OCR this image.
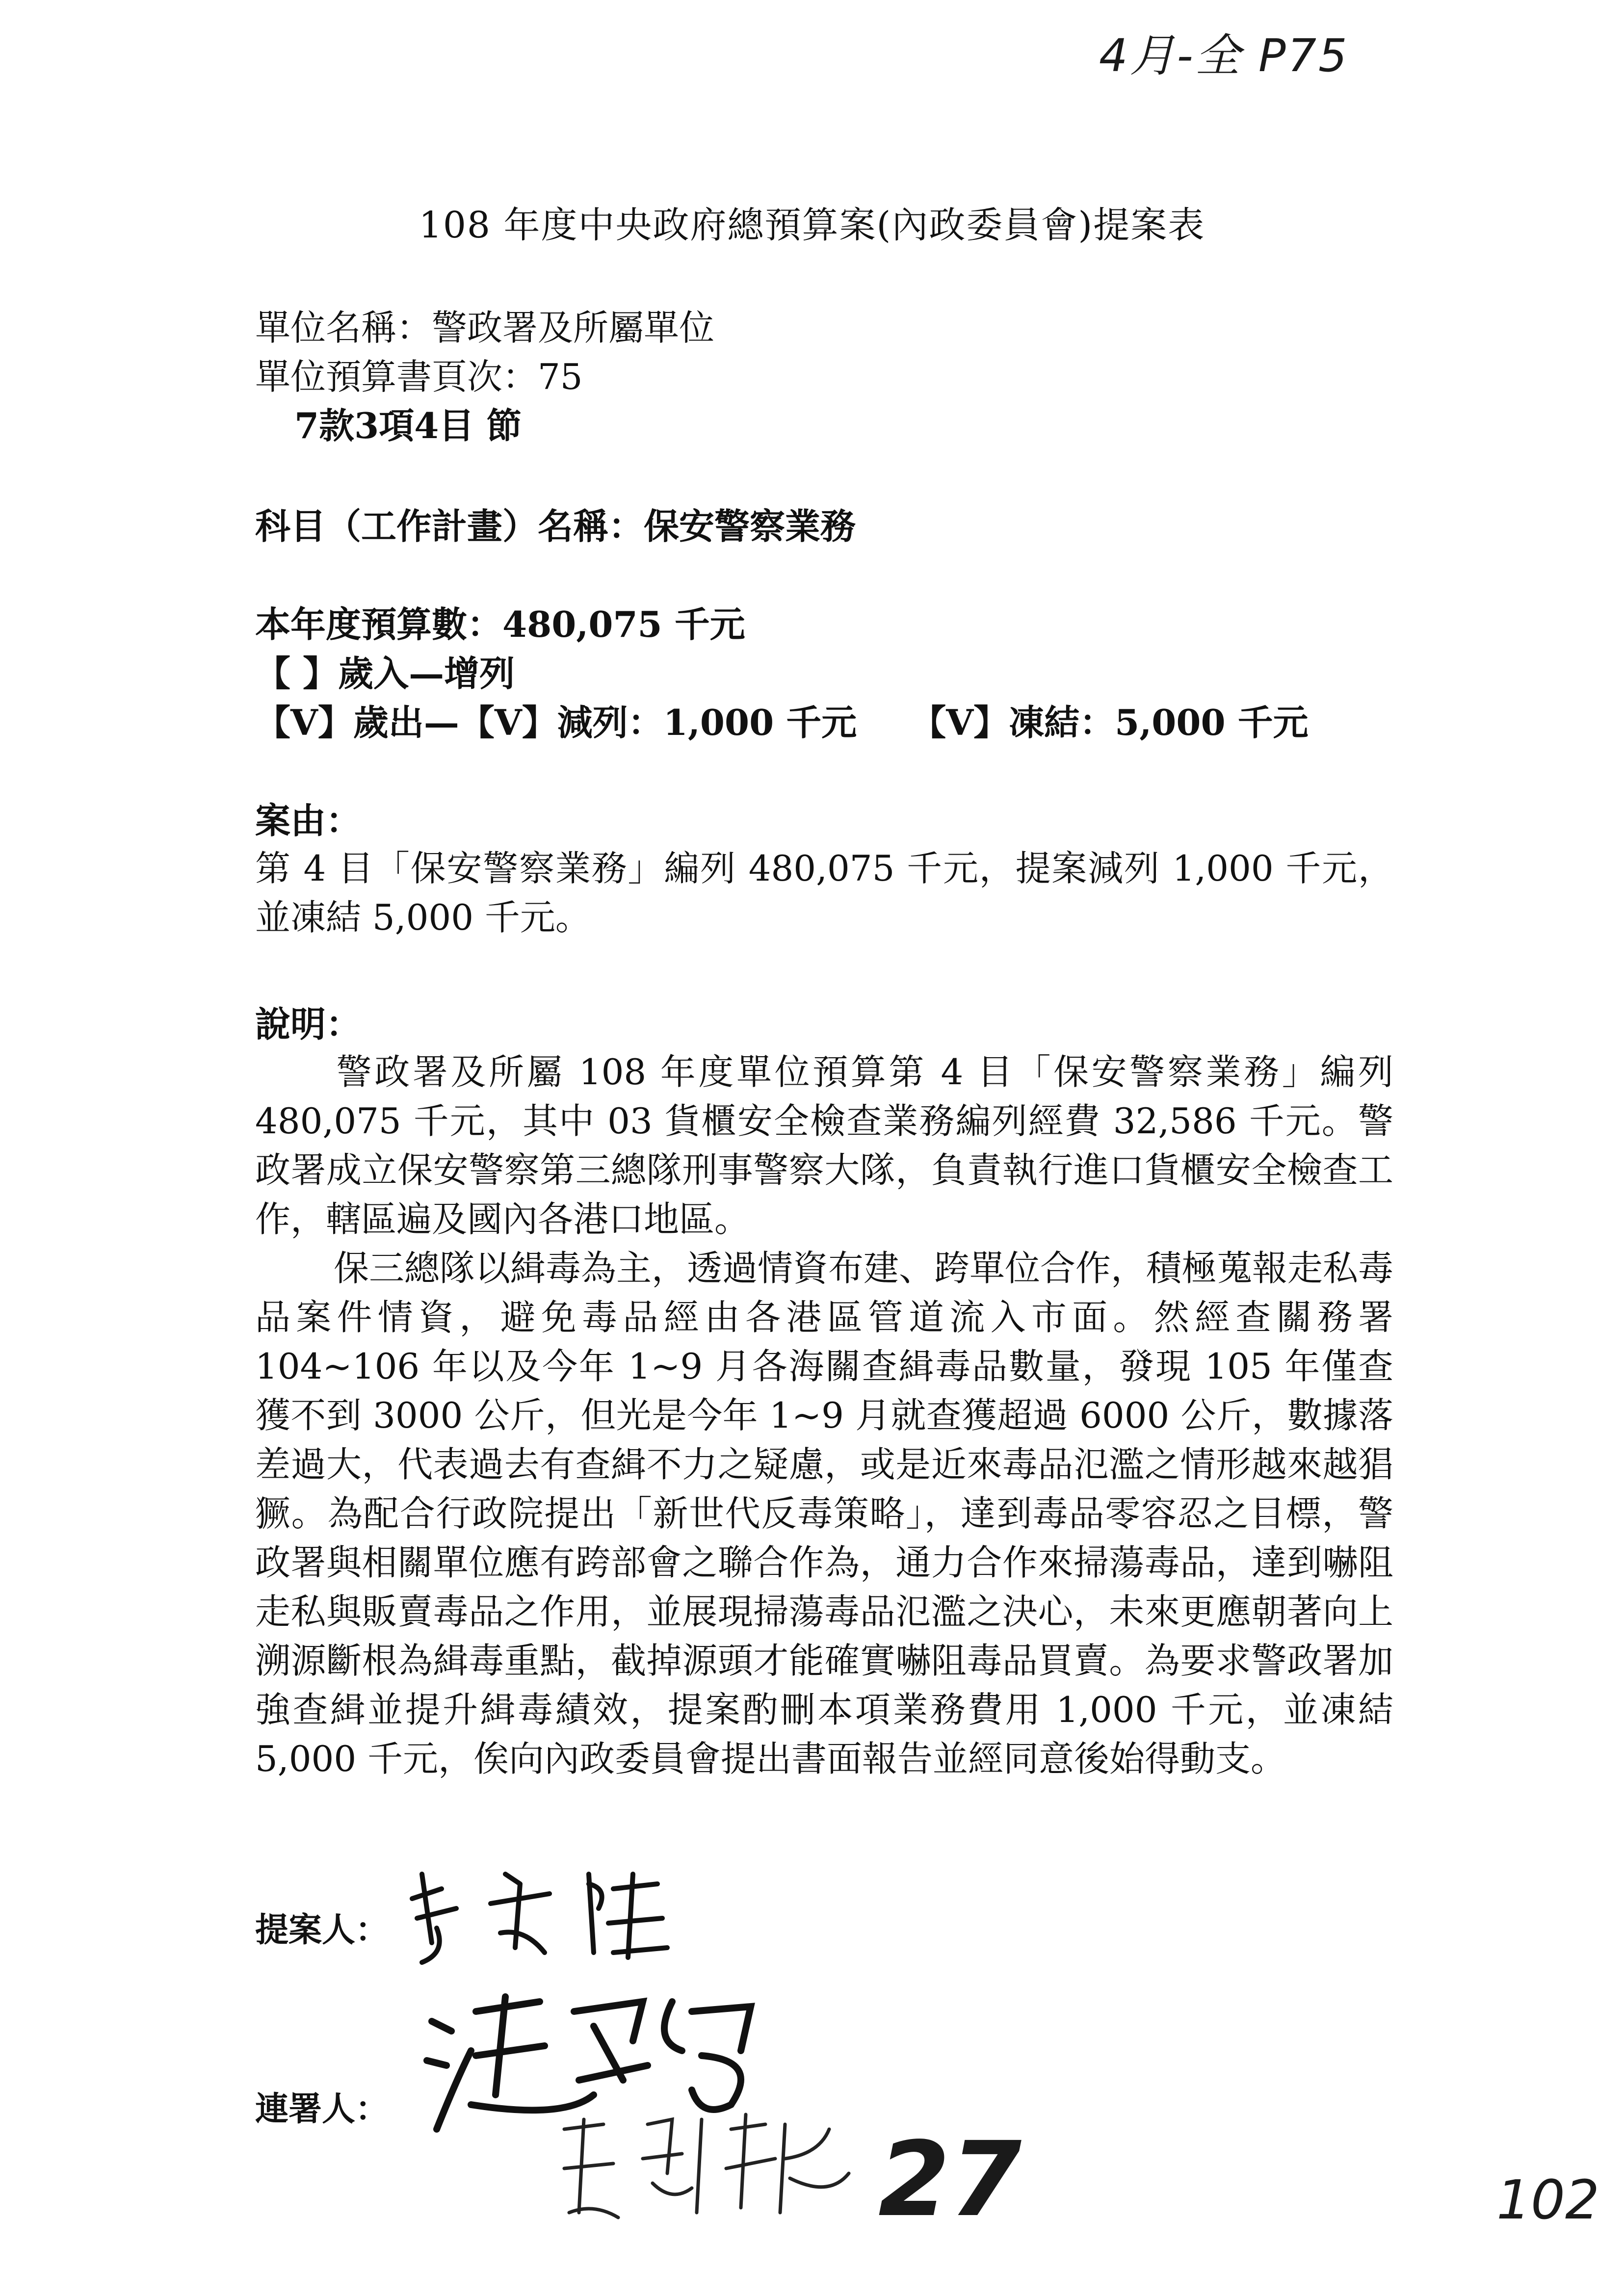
4月-全 P75
108 年度中央政府總預算案(內政委員會)提案表
單位名稱：警政署及所屬單位
單位預算書頁次：75
7款3項4目 節
科目（工作計畫）名稱：保安警察業務
本年度預算數：480,075 千元
【 】歲入—增列
【V】歲出—【V】減列：1,000 千元 【V】凍結：5,000 千元
案由：
第 4 目「保安警察業務」編列 480,075 千元，提案減列 1,000 千元，並凍結 5,000 千元。
說明：
警政署及所屬 108 年度單位預算第 4 目「保安警察業務」編列 480,075 千元，其中 03 貨櫃安全檢查業務編列經費 32,586 千元。警政署成立保安警察第三總隊刑事警察大隊，負責執行進口貨櫃安全檢查工作，轄區遍及國內各港口地區。
保三總隊以緝毒為主，透過情資布建、跨單位合作，積極蒐報走私毒品案件情資，避免毒品經由各港區管道流入市面。然經查關務署 104~106 年以及今年 1~9 月各海關查緝毒品數量，發現 105 年僅查獲不到 3000 公斤，但光是今年 1~9 月就查獲超過 6000 公斤，數據落差過大，代表過去有查緝不力之疑慮，或是近來毒品氾濫之情形越來越猖獗。為配合行政院提出「新世代反毒策略」，達到毒品零容忍之目標，警政署與相關單位應有跨部會之聯合作為，通力合作來掃蕩毒品，達到嚇阻走私與販賣毒品之作用，並展現掃蕩毒品氾濫之決心，未來更應朝著向上溯源斷根為緝毒重點，截掉源頭才能確實嚇阻毒品買賣。為要求警政署加強查緝並提升緝毒績效，提案酌刪本項業務費用 1,000 千元，並凍結 5,000 千元，俟向內政委員會提出書面報告並經同意後始得動支。
提案人：
連署人：
27	102
